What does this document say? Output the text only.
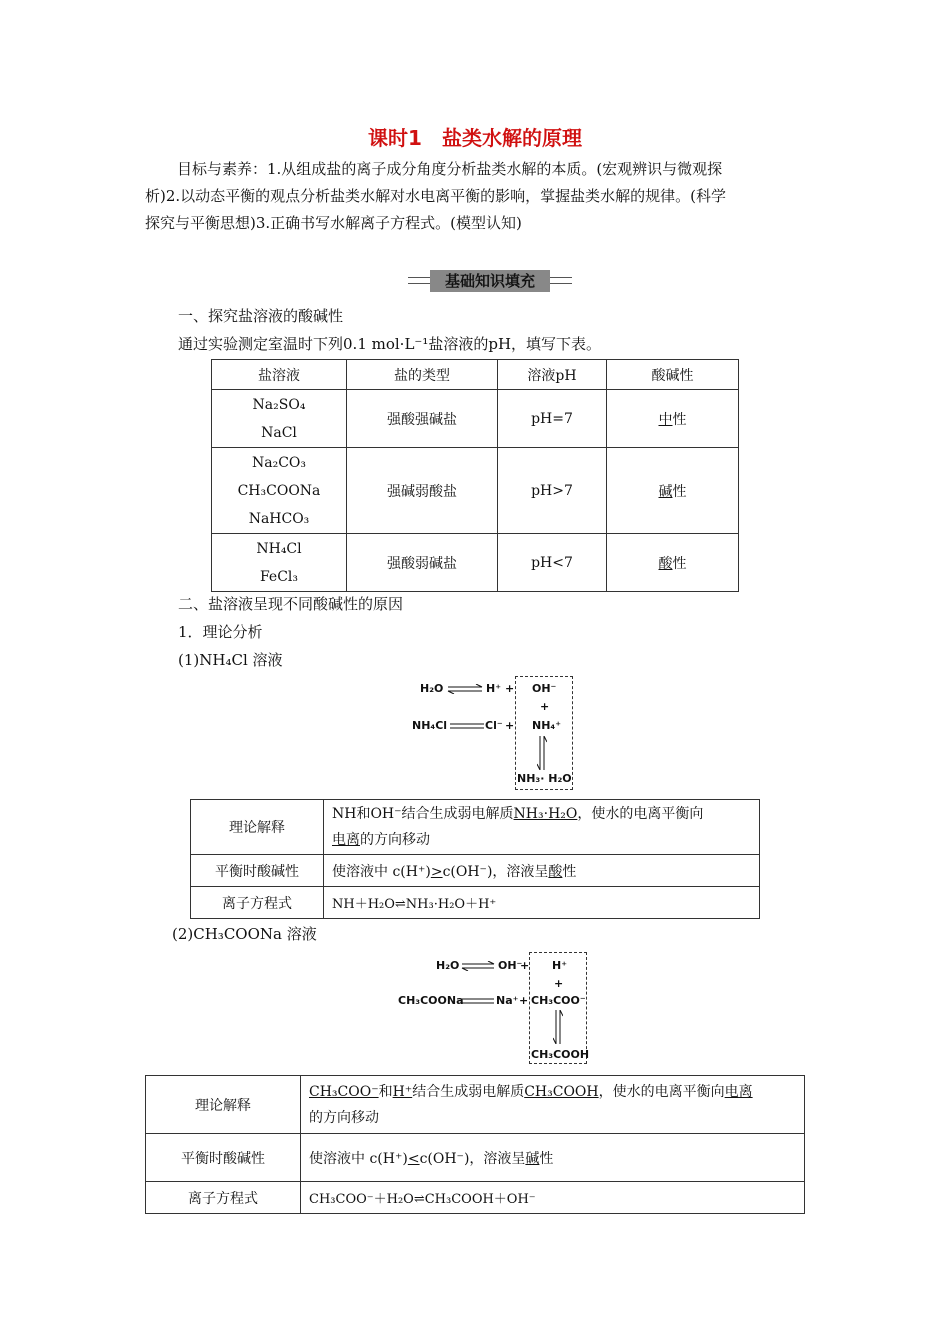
课时1　盐类水解的原理
目标与素养：1.从组成盐的离子成分角度分析盐类水解的本质。(宏观辨识与微观探
析)2.以动态平衡的观点分析盐类水解对水电离平衡的影响，掌握盐类水解的规律。(科学
探究与平衡思想)3.正确书写水解离子方程式。(模型认知)
基础知识填充
一、探究盐溶液的酸碱性
通过实验测定室温时下列0.1 mol·L⁻¹盐溶液的pH，填写下表。
盐溶液	盐的类型	溶液pH	酸碱性

Na₂SO₄
NaCl	强酸强碱盐	pH=7	中性

Na₂CO₃
CH₃COONa
NaHCO₃	强碱弱酸盐	pH>7	碱性

NH₄Cl
FeCl₃	强酸弱碱盐	pH<7	酸性
二、盐溶液呈现不同酸碱性的原因
1．理论分析
(1)NH₄Cl 溶液
H₂O ⇌ H⁺ + OH⁻
+
NH₄Cl	Cl⁻ + NH₄⁺
NH₃· H₂O
理论解释	NH和OH⁻结合生成弱电解质NH₃·H₂O，使水的电离平衡向
电离的方向移动
平衡时酸碱性	使溶液中 c(H⁺)>c(OH⁻)，溶液呈酸性
离子方程式	NH＋H₂O⇌NH₃·H₂O＋H⁺
(2)CH₃COONa 溶液
H₂O ⇌ OH⁻
+ H⁺
+
CH₃COONa	Na⁺ + CH₃COO⁻
CH₃COOH
理论解释	CH₃COO⁻和H⁺结合生成弱电解质CH₃COOH，使水的电离平衡向电离
的方向移动
平衡时酸碱性	使溶液中 c(H⁺)<c(OH⁻)，溶液呈碱性
离子方程式	CH₃COO⁻＋H₂O⇌CH₃COOH＋OH⁻
